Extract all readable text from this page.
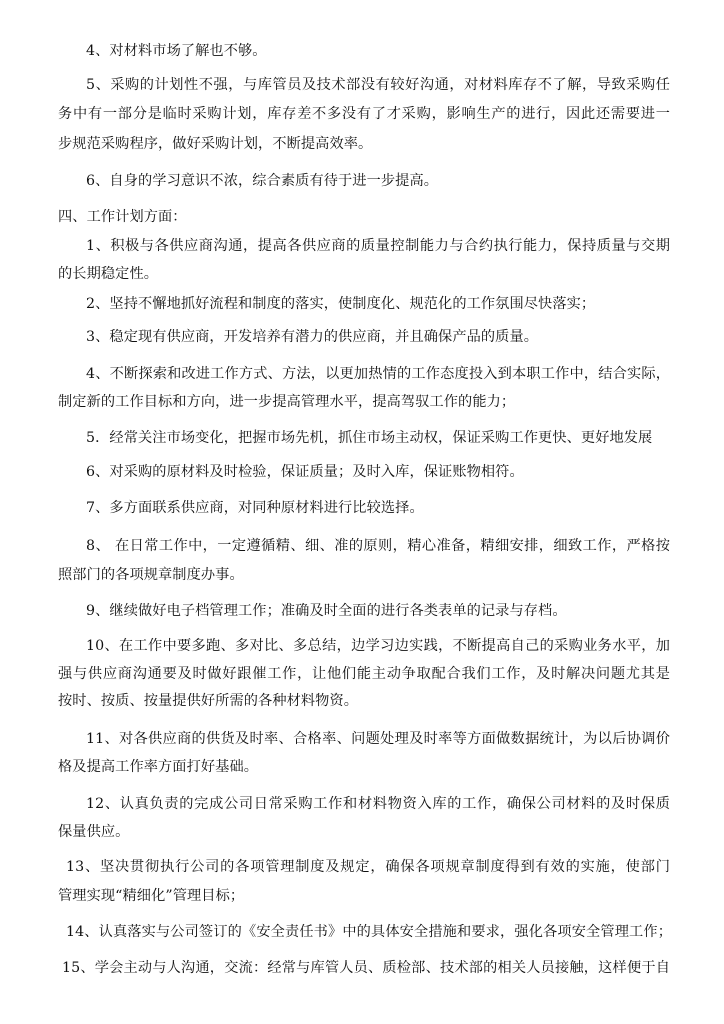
4、对材料市场了解也不够。
5、采购的计划性不强，与库管员及技术部没有较好沟通，对材料库存不了解，导致采购任
务中有一部分是临时采购计划，库存差不多没有了才采购，影响生产的进行，因此还需要进一
步规范采购程序，做好采购计划，不断提高效率。
6、自身的学习意识不浓，综合素质有待于进一步提高。
四、工作计划方面：
1、积极与各供应商沟通，提高各供应商的质量控制能力与合约执行能力，保持质量与交期
的长期稳定性。
2、坚持不懈地抓好流程和制度的落实，使制度化、规范化的工作氛围尽快落实；
3、稳定现有供应商，开发培养有潜力的供应商，并且确保产品的质量。
4、不断探索和改进工作方式、方法，以更加热情的工作态度投入到本职工作中，结合实际，
制定新的工作目标和方向，进一步提高管理水平，提高驾驭工作的能力；
5．经常关注市场变化，把握市场先机，抓住市场主动权，保证采购工作更快、更好地发展
6、对采购的原材料及时检验，保证质量；及时入库，保证账物相符。
7、多方面联系供应商，对同种原材料进行比较选择。
8、 在日常工作中，一定遵循精、细、准的原则，精心准备，精细安排，细致工作，严格按
照部门的各项规章制度办事。
9、继续做好电子档管理工作；准确及时全面的进行各类表单的记录与存档。
10、在工作中要多跑、多对比、多总结，边学习边实践，不断提高自己的采购业务水平，加
强与供应商沟通要及时做好跟催工作，让他们能主动争取配合我们工作，及时解决问题尤其是
按时、按质、按量提供好所需的各种材料物资。
11、对各供应商的供货及时率、合格率、问题处理及时率等方面做数据统计，为以后协调价
格及提高工作率方面打好基础。
12、认真负责的完成公司日常采购工作和材料物资入库的工作，确保公司材料的及时保质
保量供应。
13、坚决贯彻执行公司的各项管理制度及规定，确保各项规章制度得到有效的实施，使部门
管理实现“精细化”管理目标；
14、认真落实与公司签订的《安全责任书》中的具体安全措施和要求，强化各项安全管理工作；
15、学会主动与人沟通，交流：经常与库管人员、质检部、技术部的相关人员接触，这样便于自
